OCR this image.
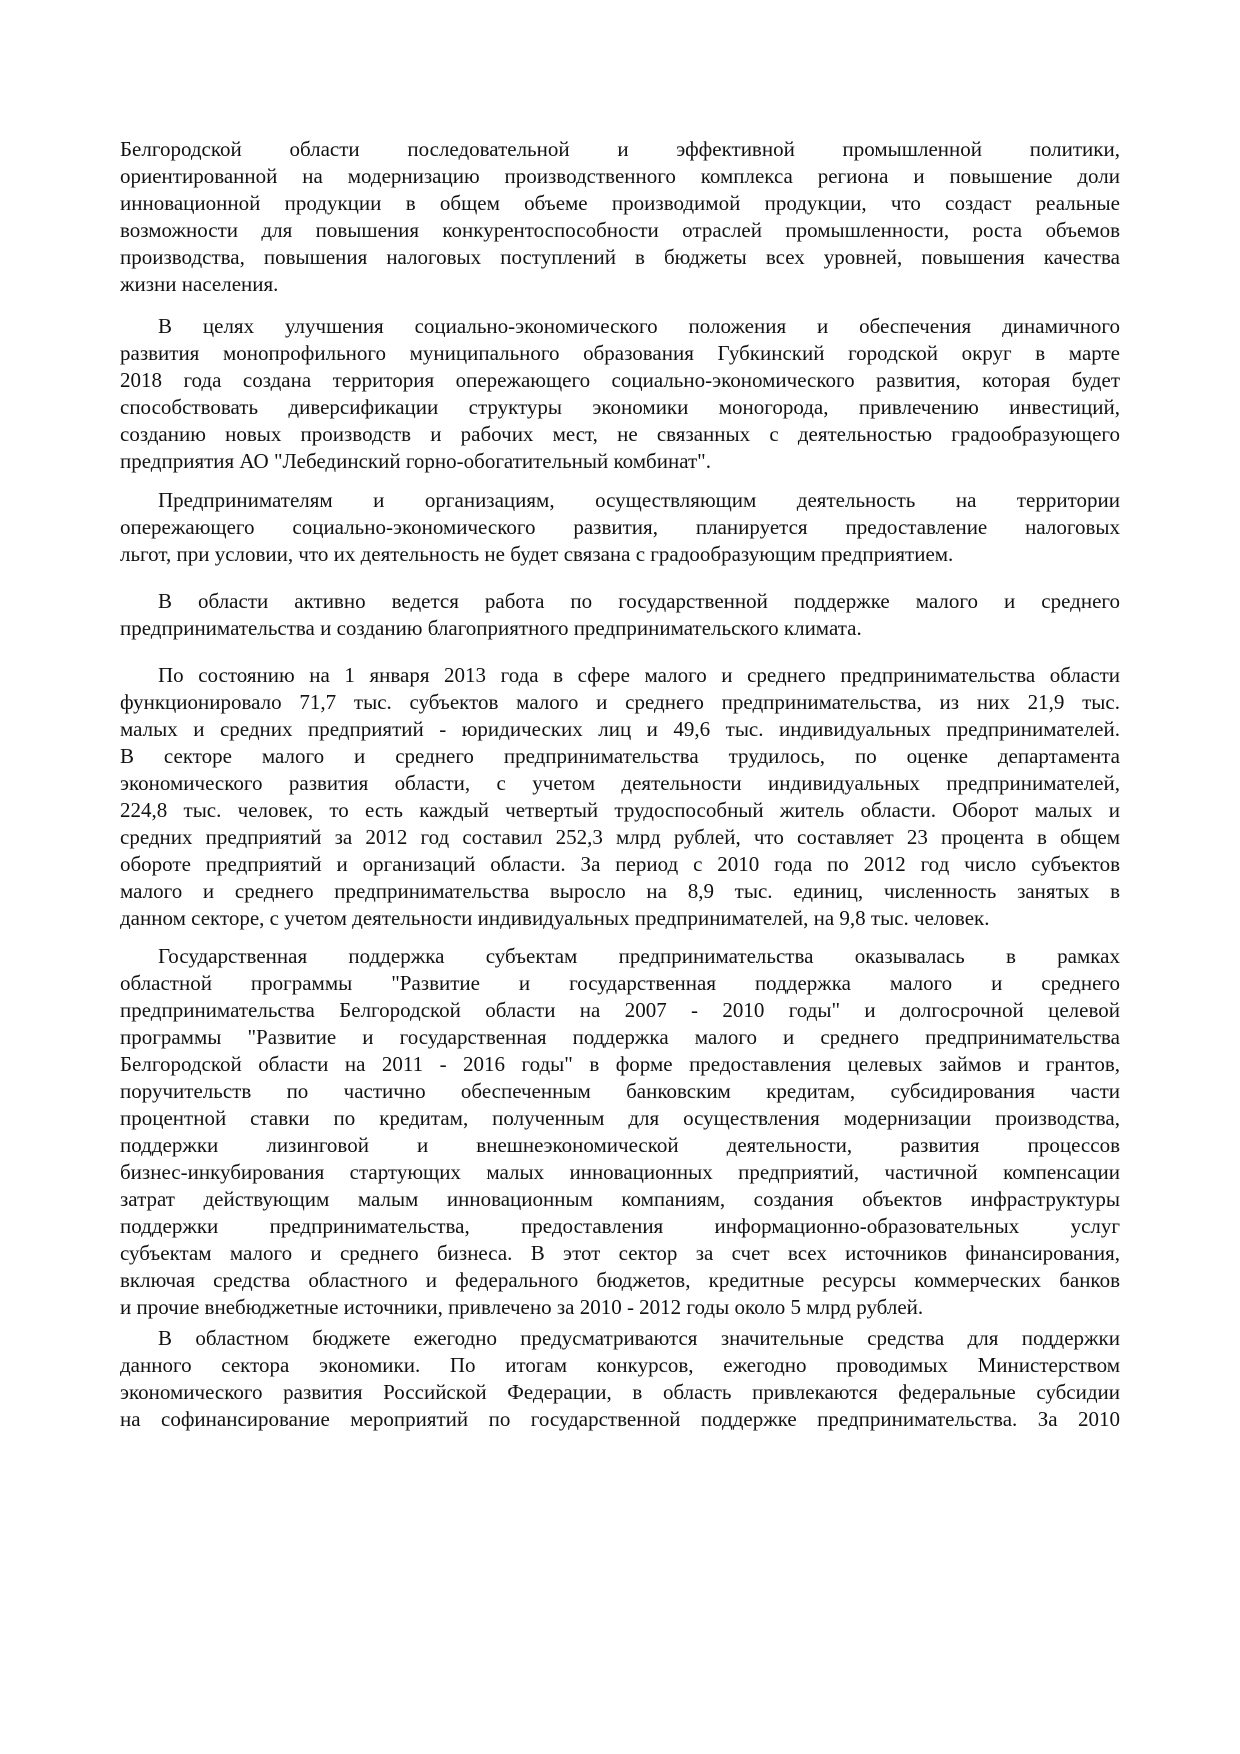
Белгородской области последовательной и эффективной промышленной политики,
ориентированной на модернизацию производственного комплекса региона и повышение доли
инновационной продукции в общем объеме производимой продукции, что создаст реальные
возможности для повышения конкурентоспособности отраслей промышленности, роста объемов
производства, повышения налоговых поступлений в бюджеты всех уровней, повышения качества
жизни населения.
В целях улучшения социально-экономического положения и обеспечения динамичного
развития монопрофильного муниципального образования Губкинский городской округ в марте
2018 года создана территория опережающего социально-экономического развития, которая будет
способствовать диверсификации структуры экономики моногорода, привлечению инвестиций,
созданию новых производств и рабочих мест, не связанных с деятельностью градообразующего
предприятия АО "Лебединский горно-обогатительный комбинат".
Предпринимателям и организациям, осуществляющим деятельность на территории
опережающего социально-экономического развития, планируется предоставление налоговых
льгот, при условии, что их деятельность не будет связана с градообразующим предприятием.
В области активно ведется работа по государственной поддержке малого и среднего
предпринимательства и созданию благоприятного предпринимательского климата.
По состоянию на 1 января 2013 года в сфере малого и среднего предпринимательства области
функционировало 71,7 тыс. субъектов малого и среднего предпринимательства, из них 21,9 тыс.
малых и средних предприятий - юридических лиц и 49,6 тыс. индивидуальных предпринимателей.
В секторе малого и среднего предпринимательства трудилось, по оценке департамента
экономического развития области, с учетом деятельности индивидуальных предпринимателей,
224,8 тыс. человек, то есть каждый четвертый трудоспособный житель области. Оборот малых и
средних предприятий за 2012 год составил 252,3 млрд рублей, что составляет 23 процента в общем
обороте предприятий и организаций области. За период с 2010 года по 2012 год число субъектов
малого и среднего предпринимательства выросло на 8,9 тыс. единиц, численность занятых в
данном секторе, с учетом деятельности индивидуальных предпринимателей, на 9,8 тыс. человек.
Государственная поддержка субъектам предпринимательства оказывалась в рамках
областной программы "Развитие и государственная поддержка малого и среднего
предпринимательства Белгородской области на 2007 - 2010 годы" и долгосрочной целевой
программы "Развитие и государственная поддержка малого и среднего предпринимательства
Белгородской области на 2011 - 2016 годы" в форме предоставления целевых займов и грантов,
поручительств по частично обеспеченным банковским кредитам, субсидирования части
процентной ставки по кредитам, полученным для осуществления модернизации производства,
поддержки лизинговой и внешнеэкономической деятельности, развития процессов
бизнес-инкубирования стартующих малых инновационных предприятий, частичной компенсации
затрат действующим малым инновационным компаниям, создания объектов инфраструктуры
поддержки предпринимательства, предоставления информационно-образовательных услуг
субъектам малого и среднего бизнеса. В этот сектор за счет всех источников финансирования,
включая средства областного и федерального бюджетов, кредитные ресурсы коммерческих банков
и прочие внебюджетные источники, привлечено за 2010 - 2012 годы около 5 млрд рублей.
В областном бюджете ежегодно предусматриваются значительные средства для поддержки
данного сектора экономики. По итогам конкурсов, ежегодно проводимых Министерством
экономического развития Российской Федерации, в область привлекаются федеральные субсидии
на софинансирование мероприятий по государственной поддержке предпринимательства. За 2010
